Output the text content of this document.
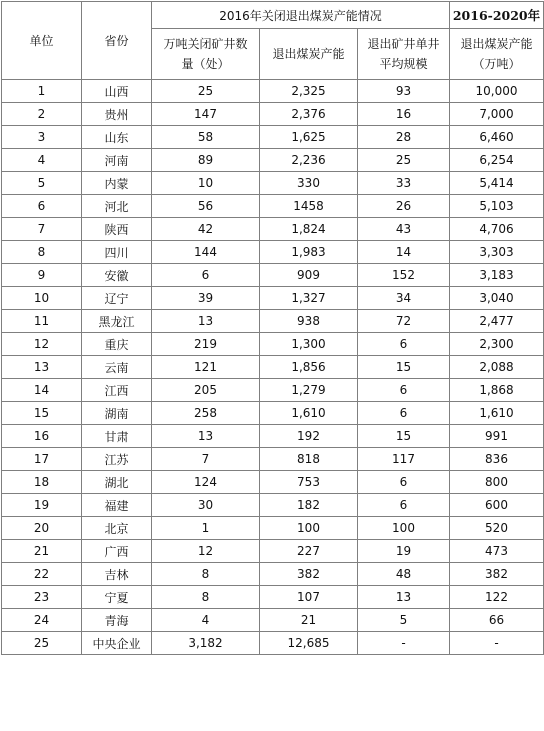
单位	省份	2016年关闭退出煤炭产能情况			2016-2020年

		万吨关闭矿井数量（处）	退出煤炭产能	退出矿井单井平均规模	退出煤炭产能（万吨）

1	山西	25	2,325	93	10,000
2	贵州	147	2,376	16	7,000
3	山东	58	1,625	28	6,460
4	河南	89	2,236	25	6,254
5	内蒙	10	330	33	5,414
6	河北	56	1458	26	5,103
7	陕西	42	1,824	43	4,706
8	四川	144	1,983	14	3,303
9	安徽	6	909	152	3,183
10	辽宁	39	1,327	34	3,040
11	黑龙江	13	938	72	2,477
12	重庆	219	1,300	6	2,300
13	云南	121	1,856	15	2,088
14	江西	205	1,279	6	1,868
15	湖南	258	1,610	6	1,610
16	甘肃	13	192	15	991
17	江苏	7	818	117	836
18	湖北	124	753	6	800
19	福建	30	182	6	600
20	北京	1	100	100	520
21	广西	12	227	19	473
22	吉林	8	382	48	382
23	宁夏	8	107	13	122
24	青海	4	21	5	66
25	中央企业	3,182	12,685	-	-
